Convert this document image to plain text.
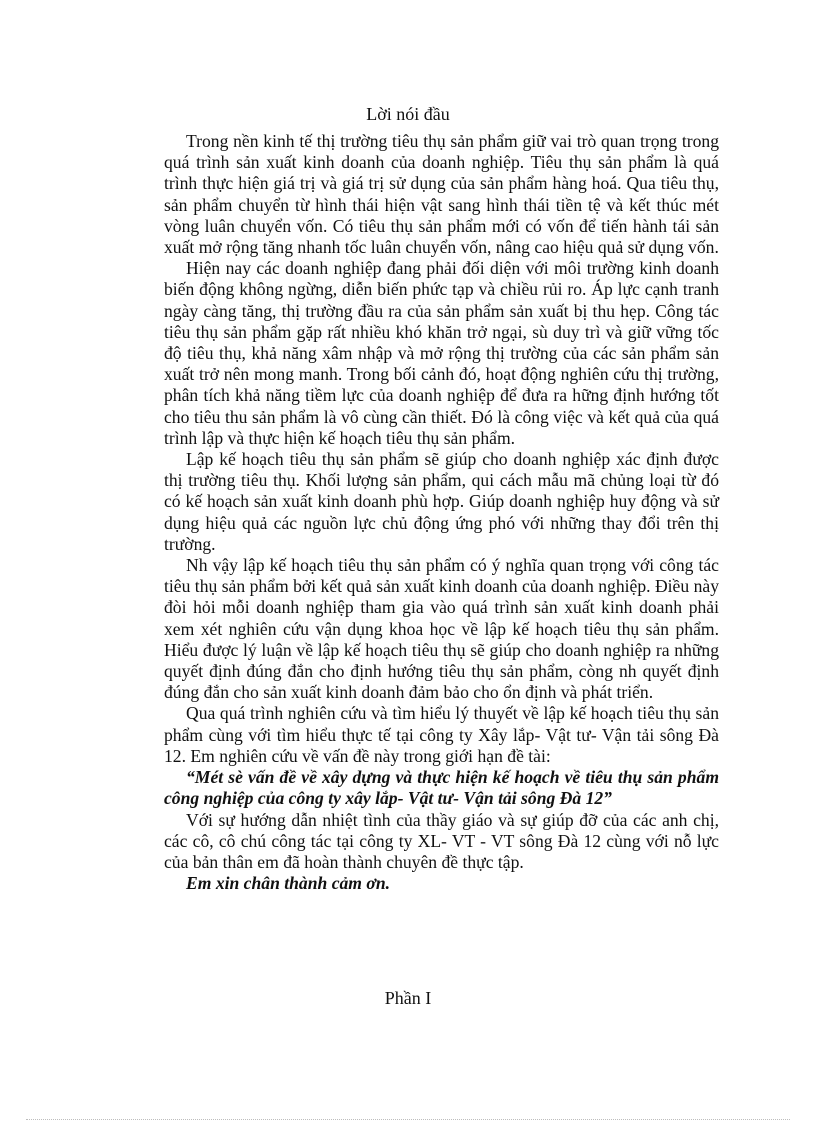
Lời nói đầu

Trong nền kinh tế thị trường tiêu thụ sản phẩm giữ vai trò quan trọng trong quá trình sản xuất kinh doanh của doanh nghiệp. Tiêu thụ sản phẩm là quá trình thực hiện giá trị và giá trị sử dụng của sản phẩm hàng hoá. Qua tiêu thụ, sản phẩm chuyển từ hình thái hiện vật sang hình thái tiền tệ và kết thúc mét vòng luân chuyển vốn. Có tiêu thụ sản phẩm mới có vốn để tiến hành tái sản xuất mở rộng tăng nhanh tốc luân chuyển vốn, nâng cao hiệu quả sử dụng vốn.

Hiện nay các doanh nghiệp đang phải đối diện với môi trường kinh doanh biến động không ngừng, diễn biến phức tạp và chiều rủi ro. Áp lực cạnh tranh ngày càng tăng, thị trường đầu ra của sản phẩm sản xuất bị thu hẹp. Công tác tiêu thụ sản phẩm gặp rất nhiều khó khăn trở ngại, sù duy trì và giữ vững tốc độ tiêu thụ, khả năng xâm nhập và mở rộng thị trường của các sản phẩm sản xuất trở nên mong manh. Trong bối cảnh đó, hoạt động nghiên cứu thị trường, phân tích khả năng tiềm lực của doanh nghiệp để đưa ra hững định hướng tốt cho tiêu thu sản phẩm là vô cùng cần thiết. Đó là công việc và kết quả của quá trình lập và thực hiện kế hoạch tiêu thụ sản phẩm.

Lập kế hoạch tiêu thụ sản phẩm sẽ giúp cho doanh nghiệp xác định được thị trường tiêu thụ. Khối lượng sản phẩm, qui cách mẫu mã chủng loại từ đó có kế hoạch sản xuất kinh doanh phù hợp. Giúp doanh nghiệp huy động và sử dụng hiệu quả các nguồn lực chủ động ứng phó với những thay đổi trên thị trường.

Nh vậy lập kế hoạch tiêu thụ sản phẩm có ý nghĩa quan trọng với công tác tiêu thụ sản phẩm bởi kết quả sản xuất kinh doanh của doanh nghiệp. Điều này đòi hỏi mỗi doanh nghiệp tham gia vào quá trình sản xuất kinh doanh phải xem xét nghiên cứu vận dụng khoa học về lập kế hoạch tiêu thụ sản phẩm. Hiểu được lý luận về lập kế hoạch tiêu thụ sẽ giúp cho doanh nghiệp ra những quyết định đúng đắn cho định hướng tiêu thụ sản phẩm, còng nh quyết định đúng đắn cho sản xuất kinh doanh đảm bảo cho ổn định và phát triển.

Qua quá trình nghiên cứu và tìm hiểu lý thuyết về lập kế hoạch tiêu thụ sản phẩm cùng với tìm hiểu thực tế tại công ty Xây lắp- Vật tư- Vận tải sông Đà 12. Em nghiên cứu về vấn đề này trong giới hạn đề tài:

“Mét sè vấn đề về xây dựng và thực hiện kế hoạch về tiêu thụ sản phẩm công nghiệp của công ty xây lắp- Vật tư- Vận tải sông Đà 12”

Với sự hướng dẫn nhiệt tình của thầy giáo và sự giúp đỡ của các anh chị, các cô, cô chú công tác tại công ty XL- VT - VT sông Đà 12 cùng với nỗ lực của bản thân em đã hoàn thành chuyên đề thực tập.

Em xin chân thành cảm ơn.

Phần I
